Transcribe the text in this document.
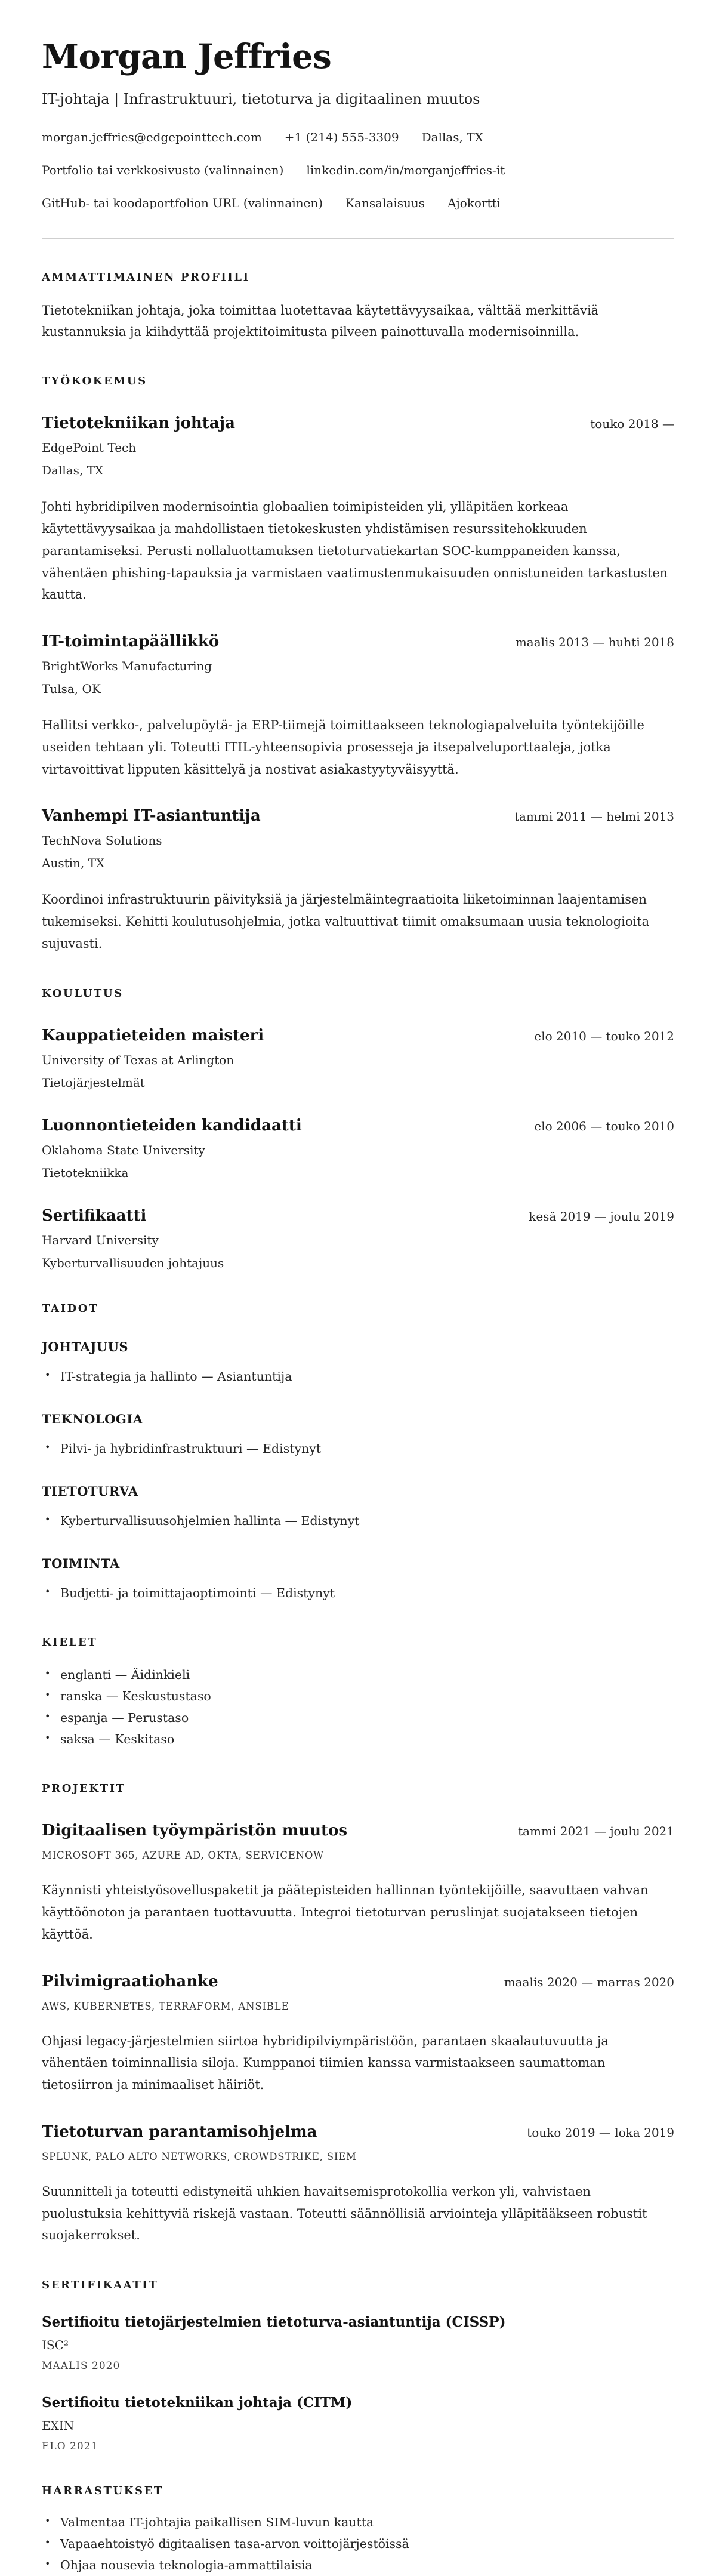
Morgan Jeffries
IT-johtaja | Infrastruktuuri, tietoturva ja digitaalinen muutos
morgan.jeffries@edgepointtech.com +1 (214) 555-3309 Dallas, TX
Portfolio tai verkkosivusto (valinnainen) linkedin.com/in/morganjeffries-it
GitHub- tai koodaportfolion URL (valinnainen) Kansalaisuus Ajokortti
AMMATTIMAINEN PROFIILI

Tietotekniikan johtaja, joka toimittaa luotettavaa käytettävyysaikaa, välttää merkittäviä kustannuksia ja kiihdyttää projektitoimitusta pilveen painottuvalla modernisoinnilla.

TYÖKOKEMUS
Tietotekniikan johtaja	touko 2018 —
EdgePoint Tech
Dallas, TX

Johti hybridipilven modernisointia globaalien toimipisteiden yli, ylläpitäen korkeaa käytettävyysaikaa ja mahdollistaen tietokeskusten yhdistämisen resurssitehokkuuden parantamiseksi. Perusti nollaluottamuksen tietoturvatiekartan SOC-kumppaneiden kanssa, vähentäen phishing-tapauksia ja varmistaen vaatimustenmukaisuuden onnistuneiden tarkastusten kautta.

IT-toimintapäällikkö	maalis 2013 — huhti 2018
BrightWorks Manufacturing
Tulsa, OK

Hallitsi verkko-, palvelupöytä- ja ERP-tiimejä toimittaakseen teknologiapalveluita työntekijöille useiden tehtaan yli. Toteutti ITIL-yhteensopivia prosesseja ja itsepalveluporttaaleja, jotka virtavoittivat lipputen käsittelyä ja nostivat asiakastyytyväisyyttä.

Vanhempi IT-asiantuntija	tammi 2011 — helmi 2013
TechNova Solutions
Austin, TX

Koordinoi infrastruktuurin päivityksiä ja järjestelmäintegraatioita liiketoiminnan laajentamisen tukemiseksi. Kehitti koulutusohjelmia, jotka valtuuttivat tiimit omaksumaan uusia teknologioita sujuvasti.

KOULUTUS
Kauppatieteiden maisteri	elo 2010 — touko 2012
University of Texas at Arlington
Tietojärjestelmät
Luonnontieteiden kandidaatti	elo 2006 — touko 2010
Oklahoma State University
Tietotekniikka
Sertifikaatti	kesä 2019 — joulu 2019
Harvard University
Kyberturvallisuuden johtajuus
TAIDOT
JOHTAJUUS
• IT-strategia ja hallinto — Asiantuntija
TEKNOLOGIA
• Pilvi- ja hybridinfrastruktuuri — Edistynyt
TIETOTURVA
• Kyberturvallisuusohjelmien hallinta — Edistynyt
TOIMINTA
• Budjetti- ja toimittajaoptimointi — Edistynyt
KIELET
• englanti — Äidinkieli
• ranska — Keskustustaso
• espanja — Perustaso
• saksa — Keskitaso
PROJEKTIT
Digitaalisen työympäristön muutos	tammi 2021 — joulu 2021
MICROSOFT 365, AZURE AD, OKTA, SERVICENOW

Käynnisti yhteistyösovelluspaketit ja päätepisteiden hallinnan työntekijöille, saavuttaen vahvan käyttöönoton ja parantaen tuottavuutta. Integroi tietoturvan peruslinjat suojatakseen tietojen käyttöä.

Pilvimigraatiohanke	maalis 2020 — marras 2020
AWS, KUBERNETES, TERRAFORM, ANSIBLE

Ohjasi legacy-järjestelmien siirtoa hybridipilviympäristöön, parantaen skaalautuvuutta ja vähentäen toiminnallisia siloja. Kumppanoi tiimien kanssa varmistaakseen saumattoman tietosiirron ja minimaaliset häiriöt.

Tietoturvan parantamisohjelma	touko 2019 — loka 2019
SPLUNK, PALO ALTO NETWORKS, CROWDSTRIKE, SIEM

Suunnitteli ja toteutti edistyneitä uhkien havaitsemisprotokollia verkon yli, vahvistaen puolustuksia kehittyviä riskejä vastaan. Toteutti säännöllisiä arviointeja ylläpitääkseen robustit suojakerrokset.

SERTIFIKAATIT
Sertifioitu tietojärjestelmien tietoturva-asiantuntija (CISSP)
ISC²
MAALIS 2020
Sertifioitu tietotekniikan johtaja (CITM)
EXIN
ELO 2021
HARRASTUKSET
• Valmentaa IT-johtajia paikallisen SIM-luvun kautta
• Vapaaehtoistyö digitaalisen tasa-arvon voittojärjestöissä
• Ohjaa nousevia teknologia-ammattilaisia
